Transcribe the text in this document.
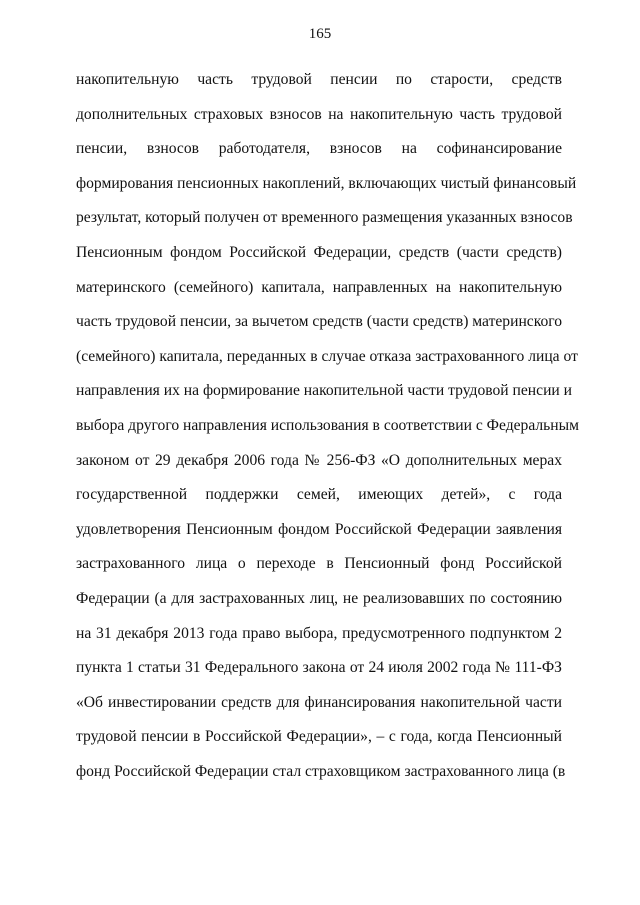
165
накопительную часть трудовой пенсии по старости, средств
дополнительных страховых взносов на накопительную часть трудовой
пенсии, взносов работодателя, взносов на софинансирование
формирования пенсионных накоплений, включающих чистый финансовый
результат, который получен от временного размещения указанных взносов
Пенсионным фондом Российской Федерации, средств (части средств)
материнского (семейного) капитала, направленных на накопительную
часть трудовой пенсии, за вычетом средств (части средств) материнского
(семейного) капитала, переданных в случае отказа застрахованного лица от
направления их на формирование накопительной части трудовой пенсии и
выбора другого направления использования в соответствии с Федеральным
законом от 29 декабря 2006 года № 256-ФЗ «О дополнительных мерах
государственной поддержки семей, имеющих детей», с года
удовлетворения Пенсионным фондом Российской Федерации заявления
застрахованного лица о переходе в Пенсионный фонд Российской
Федерации (а для застрахованных лиц, не реализовавших по состоянию
на 31 декабря 2013 года право выбора, предусмотренного подпунктом 2
пункта 1 статьи 31 Федерального закона от 24 июля 2002 года № 111-ФЗ
«Об инвестировании средств для финансирования накопительной части
трудовой пенсии в Российской Федерации», – с года, когда Пенсионный
фонд Российской Федерации стал страховщиком застрахованного лица (в
